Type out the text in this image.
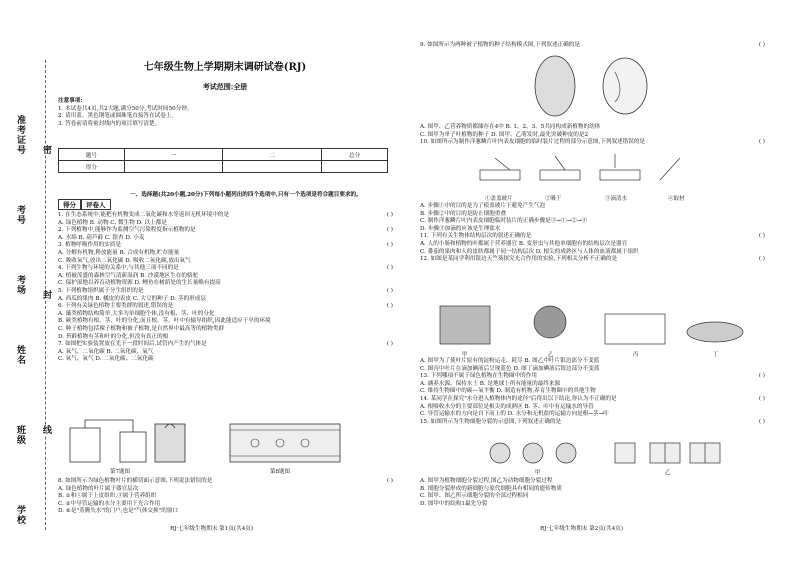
准考证号
考号
考场
姓名
班级
学校
密
封
线
七年级生物上学期期末调研试卷(RJ)
考试范围:全册
注意事项:
1. 本试卷共4页,共2大题,满分50分,考试时间50分钟。
2. 请用蓝、黑色钢笔或圆珠笔直接答在试卷上。
3. 答卷前请将密封线内的项目填写清楚。
题号	一	二	总分
得分			
得分 评卷人
一、选择题(共20小题,20分)下列每小题列出的四个选项中,只有一个选项是符合题目要求的。
1. 在生态系统中,能把有机物变成二氧化碳和水等返回无机环境中的是	( )
A. 绿色植物 B. 动物 C. 微生物 D. 以上都是
2. 下列植物中,能够作为监测空气污染程度指示植物的是	( )
A. 水绵 B. 葫芦藓 C. 银杏 D. 小麦
3. 植物呼吸作用的实质是	( )
A. 分解有机物,释放能量 B. 合成有机物,贮存能量
C. 吸收氧气,放出二氧化碳 D. 吸收二氧化碳,放出氧气
4. 下列生物与环境的关系中,与其他三项不同的是	( )
A. 植被茂盛的森林空气清新湿润 B. 沙漠地区生存的骆驼
C. 保护湿地以养育动植物资源 D. 鲤鱼在树荫处的生长量略有提高
5. 下列植物组织属于分生组织的是	( )
A. 西瓜的果肉 B. 橘皮的表皮 C. 大豆的种子 D. 茎的形成层
6. 下列有关绿色植物主要类群的叙述,错误的是	( )
A. 藻类植物结构简单,大多为单细胞个体,没有根、茎、叶的分化
B. 蕨类植物有根、茎、叶的分化,而且根、茎、叶中有输导组织,因此能适应干旱的环境
C. 种子植物包括裸子植物和被子植物,是自然界中最高等的植物类群
D. 苔藓植物有茎和叶的分化,但没有真正的根
7. 如图把实验装置放在光下一段时间后,试管内产生的气体是	( )
A. 氧气、二氧化碳 B. 二氧化碳、氧气
C. 氧气、氧气 D. 二氧化碳、二氧化碳
第7题图	第8题图
8. 如图所示为绿色植物叶片的横切面示意图,下列说法错误的是	( )
A. 绿色植物的叶片属于器官层次
B. ①和⑤属于上皮组织,③属于营养组织
C. ②中导管运输的水分主要用于光合作用
D. ⑥是"蒸腾失水"的门户,也是"气体交换"的窗口
RJ·七年级生物期末 第1页(共4页)
9. 如图所示为两种被子植物的种子结构模式图,下列叙述正确的是	( )
A. 图甲、乙营养物质都储存在4中 B. 1、2、3、5共同构成新植物的幼体
C. 图甲为单子叶植物的种子 D. 图甲、乙萌发时,最先突破种皮的是2
10. 如图所示为制作洋葱鳞片叶内表皮细胞的临时装片过程的部分示意图,下列叙述错误的是	( )
①盖盖玻片	②吸干	③滴清水	④取材
A. 步骤①中的目的是为了使盖玻片下避免产生气泡
B. 步骤②中的目的是防止细胞重叠
C. 制作洋葱鳞片叶内表皮细胞临时装片的正确步骤是③→①→②→④
D. 步骤③加滴的应该是生理盐水
11. 下列有关生物体结构层次的叙述正确的是	( )
A. 人的小肠和植物的叶都属于营养器官 B. 变形虫与其他单细胞有的结构层次是器官
C. 番茄的果肉和人的皮肤都属于同一结构层次 D. 根尖的成熟区与人体的血液都属于组织
12. 如图是某同学利用银边天竺葵探究光合作用的实验,下列相关分析不正确的是	( )
甲	乙	丙	丁
A. 图甲为了使叶片原有的淀粉运走、耗尽 B. 图乙中叶片银边部分不变蓝
C. 图丙中叶片在滴加碘液后呈现蓝色 D. 图丁滴加碘液后银边部分不变蓝
13. 下列哪项不属于绿色植物在生物圈中的作用	( )
A. 涵养水源、保持水土 B. 是地球上所有能量的最终来源
C. 维持生物圈中的碳—氧平衡 D. 制造有机物,养育生物圈中的其他生物
14. 某同学在探究"水分进入植物体内的途径"后得出以下结论,你认为不正确的是	( )
A. 根吸收水分的主要部位是根尖的成熟区 B. 茎、叶中有运输水的导管
C. 导管运输水的方向是自下而上的 D. 水分和无机盐的运输方向是根→茎→叶
15. 如图所示为生物细胞分裂的示意图,下列叙述正确的是	( )
甲	乙
A. 图甲为植物细胞分裂过程,图乙为动物细胞分裂过程
B. 细胞分裂形成的新细胞与原代细胞具有相同的遗传物质
C. 图甲、图乙所示细胞分裂的全部过程相同
D. 图甲中的结构1最先分裂
RJ·七年级生物期末 第2页(共4页)
